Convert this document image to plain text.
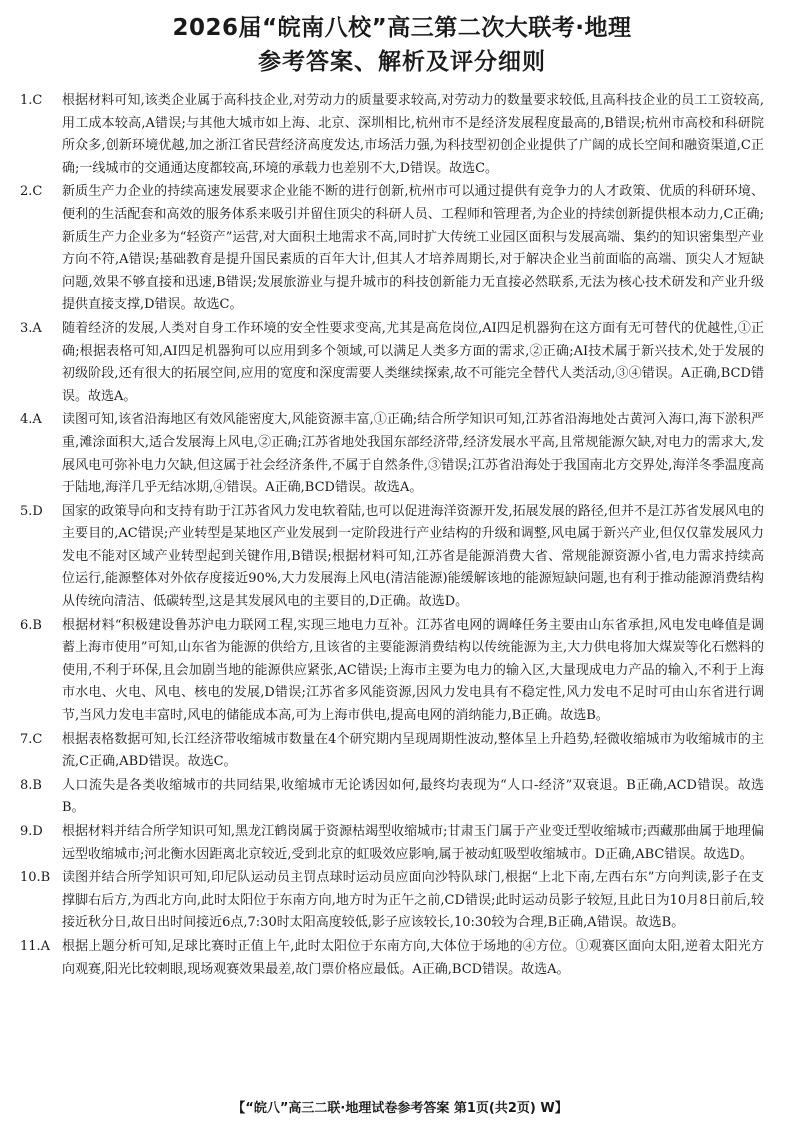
2026届“皖南八校”高三第二次大联考·地理
参考答案、解析及评分细则

1.C 根据材料可知,该类企业属于高科技企业,对劳动力的质量要求较高,对劳动力的数量要求较低,且高科技企业的员工工资较高,用工成本较高,A错误;与其他大城市如上海、北京、深圳相比,杭州市不是经济发展程度最高的,B错误;杭州市高校和科研院所众多,创新环境优越,加之浙江省民营经济高度发达,市场活力强,为科技型初创企业提供了广阔的成长空间和融资渠道,C正确;一线城市的交通通达度都较高,环境的承载力也差别不大,D错误。故选C。

2.C 新质生产力企业的持续高速发展要求企业能不断的进行创新,杭州市可以通过提供有竞争力的人才政策、优质的科研环境、便利的生活配套和高效的服务体系来吸引并留住顶尖的科研人员、工程师和管理者,为企业的持续创新提供根本动力,C正确;新质生产力企业多为“轻资产”运营,对大面积土地需求不高,同时扩大传统工业园区面积与发展高端、集约的知识密集型产业方向不符,A错误;基础教育是提升国民素质的百年大计,但其人才培养周期长,对于解决企业当前面临的高端、顶尖人才短缺问题,效果不够直接和迅速,B错误;发展旅游业与提升城市的科技创新能力无直接必然联系,无法为核心技术研发和产业升级提供直接支撑,D错误。故选C。

3.A 随着经济的发展,人类对自身工作环境的安全性要求变高,尤其是高危岗位,AI四足机器狗在这方面有无可替代的优越性,①正确;根据表格可知,AI四足机器狗可以应用到多个领域,可以满足人类多方面的需求,②正确;AI技术属于新兴技术,处于发展的初级阶段,还有很大的拓展空间,应用的宽度和深度需要人类继续探索,故不可能完全替代人类活动,③④错误。A正确,BCD错误。故选A。

4.A 读图可知,该省沿海地区有效风能密度大,风能资源丰富,①正确;结合所学知识可知,江苏省沿海地处古黄河入海口,海下淤积严重,滩涂面积大,适合发展海上风电,②正确;江苏省地处我国东部经济带,经济发展水平高,且常规能源欠缺,对电力的需求大,发展风电可弥补电力欠缺,但这属于社会经济条件,不属于自然条件,③错误;江苏省沿海处于我国南北方交界处,海洋冬季温度高于陆地,海洋几乎无结冰期,④错误。A正确,BCD错误。故选A。

5.D 国家的政策导向和支持有助于江苏省风力发电软着陆,也可以促进海洋资源开发,拓展发展的路径,但并不是江苏省发展风电的主要目的,AC错误;产业转型是某地区产业发展到一定阶段进行产业结构的升级和调整,风电属于新兴产业,但仅仅靠发展风力发电不能对区域产业转型起到关键作用,B错误;根据材料可知,江苏省是能源消费大省、常规能源资源小省,电力需求持续高位运行,能源整体对外依存度接近90%,大力发展海上风电(清洁能源)能缓解该地的能源短缺问题,也有利于推动能源消费结构从传统向清洁、低碳转型,这是其发展风电的主要目的,D正确。故选D。

6.B 根据材料“积极建设鲁苏沪电力联网工程,实现三地电力互补。江苏省电网的调峰任务主要由山东省承担,风电发电峰值是调蓄上海市使用”可知,山东省为能源的供给方,且该省的主要能源消费结构以传统能源为主,大力供电将加大煤炭等化石燃料的使用,不利于环保,且会加剧当地的能源供应紧张,AC错误;上海市主要为电力的输入区,大量现成电力产品的输入,不利于上海市水电、火电、风电、核电的发展,D错误;江苏省多风能资源,因风力发电具有不稳定性,风力发电不足时可由山东省进行调节,当风力发电丰富时,风电的储能成本高,可为上海市供电,提高电网的消纳能力,B正确。故选B。

7.C 根据表格数据可知,长江经济带收缩城市数量在4个研究期内呈现周期性波动,整体呈上升趋势,轻微收缩城市为收缩城市的主流,C正确,ABD错误。故选C。

8.B 人口流失是各类收缩城市的共同结果,收缩城市无论诱因如何,最终均表现为“人口-经济”双衰退。B正确,ACD错误。故选B。

9.D 根据材料并结合所学知识可知,黑龙江鹤岗属于资源枯竭型收缩城市;甘肃玉门属于产业变迁型收缩城市;西藏那曲属于地理偏远型收缩城市;河北衡水因距离北京较近,受到北京的虹吸效应影响,属于被动虹吸型收缩城市。D正确,ABC错误。故选D。

10.B 读图并结合所学知识可知,印尼队运动员主罚点球时运动员应面向沙特队球门,根据“上北下南,左西右东”方向判读,影子在支撑脚右后方,为西北方向,此时太阳位于东南方向,地方时为正午之前,CD错误;此时运动员影子较短,且此日为10月8日前后,较接近秋分日,故日出时间接近6点,7:30时太阳高度较低,影子应该较长,10:30较为合理,B正确,A错误。故选B。

11.A 根据上题分析可知,足球比赛时正值上午,此时太阳位于东南方向,大体位于场地的④方位。①观赛区面向太阳,逆着太阳光方向观赛,阳光比较刺眼,现场观赛效果最差,故门票价格应最低。A正确,BCD错误。故选A。

【“皖八”高三二联·地理试卷参考答案 第1页(共2页) W】
